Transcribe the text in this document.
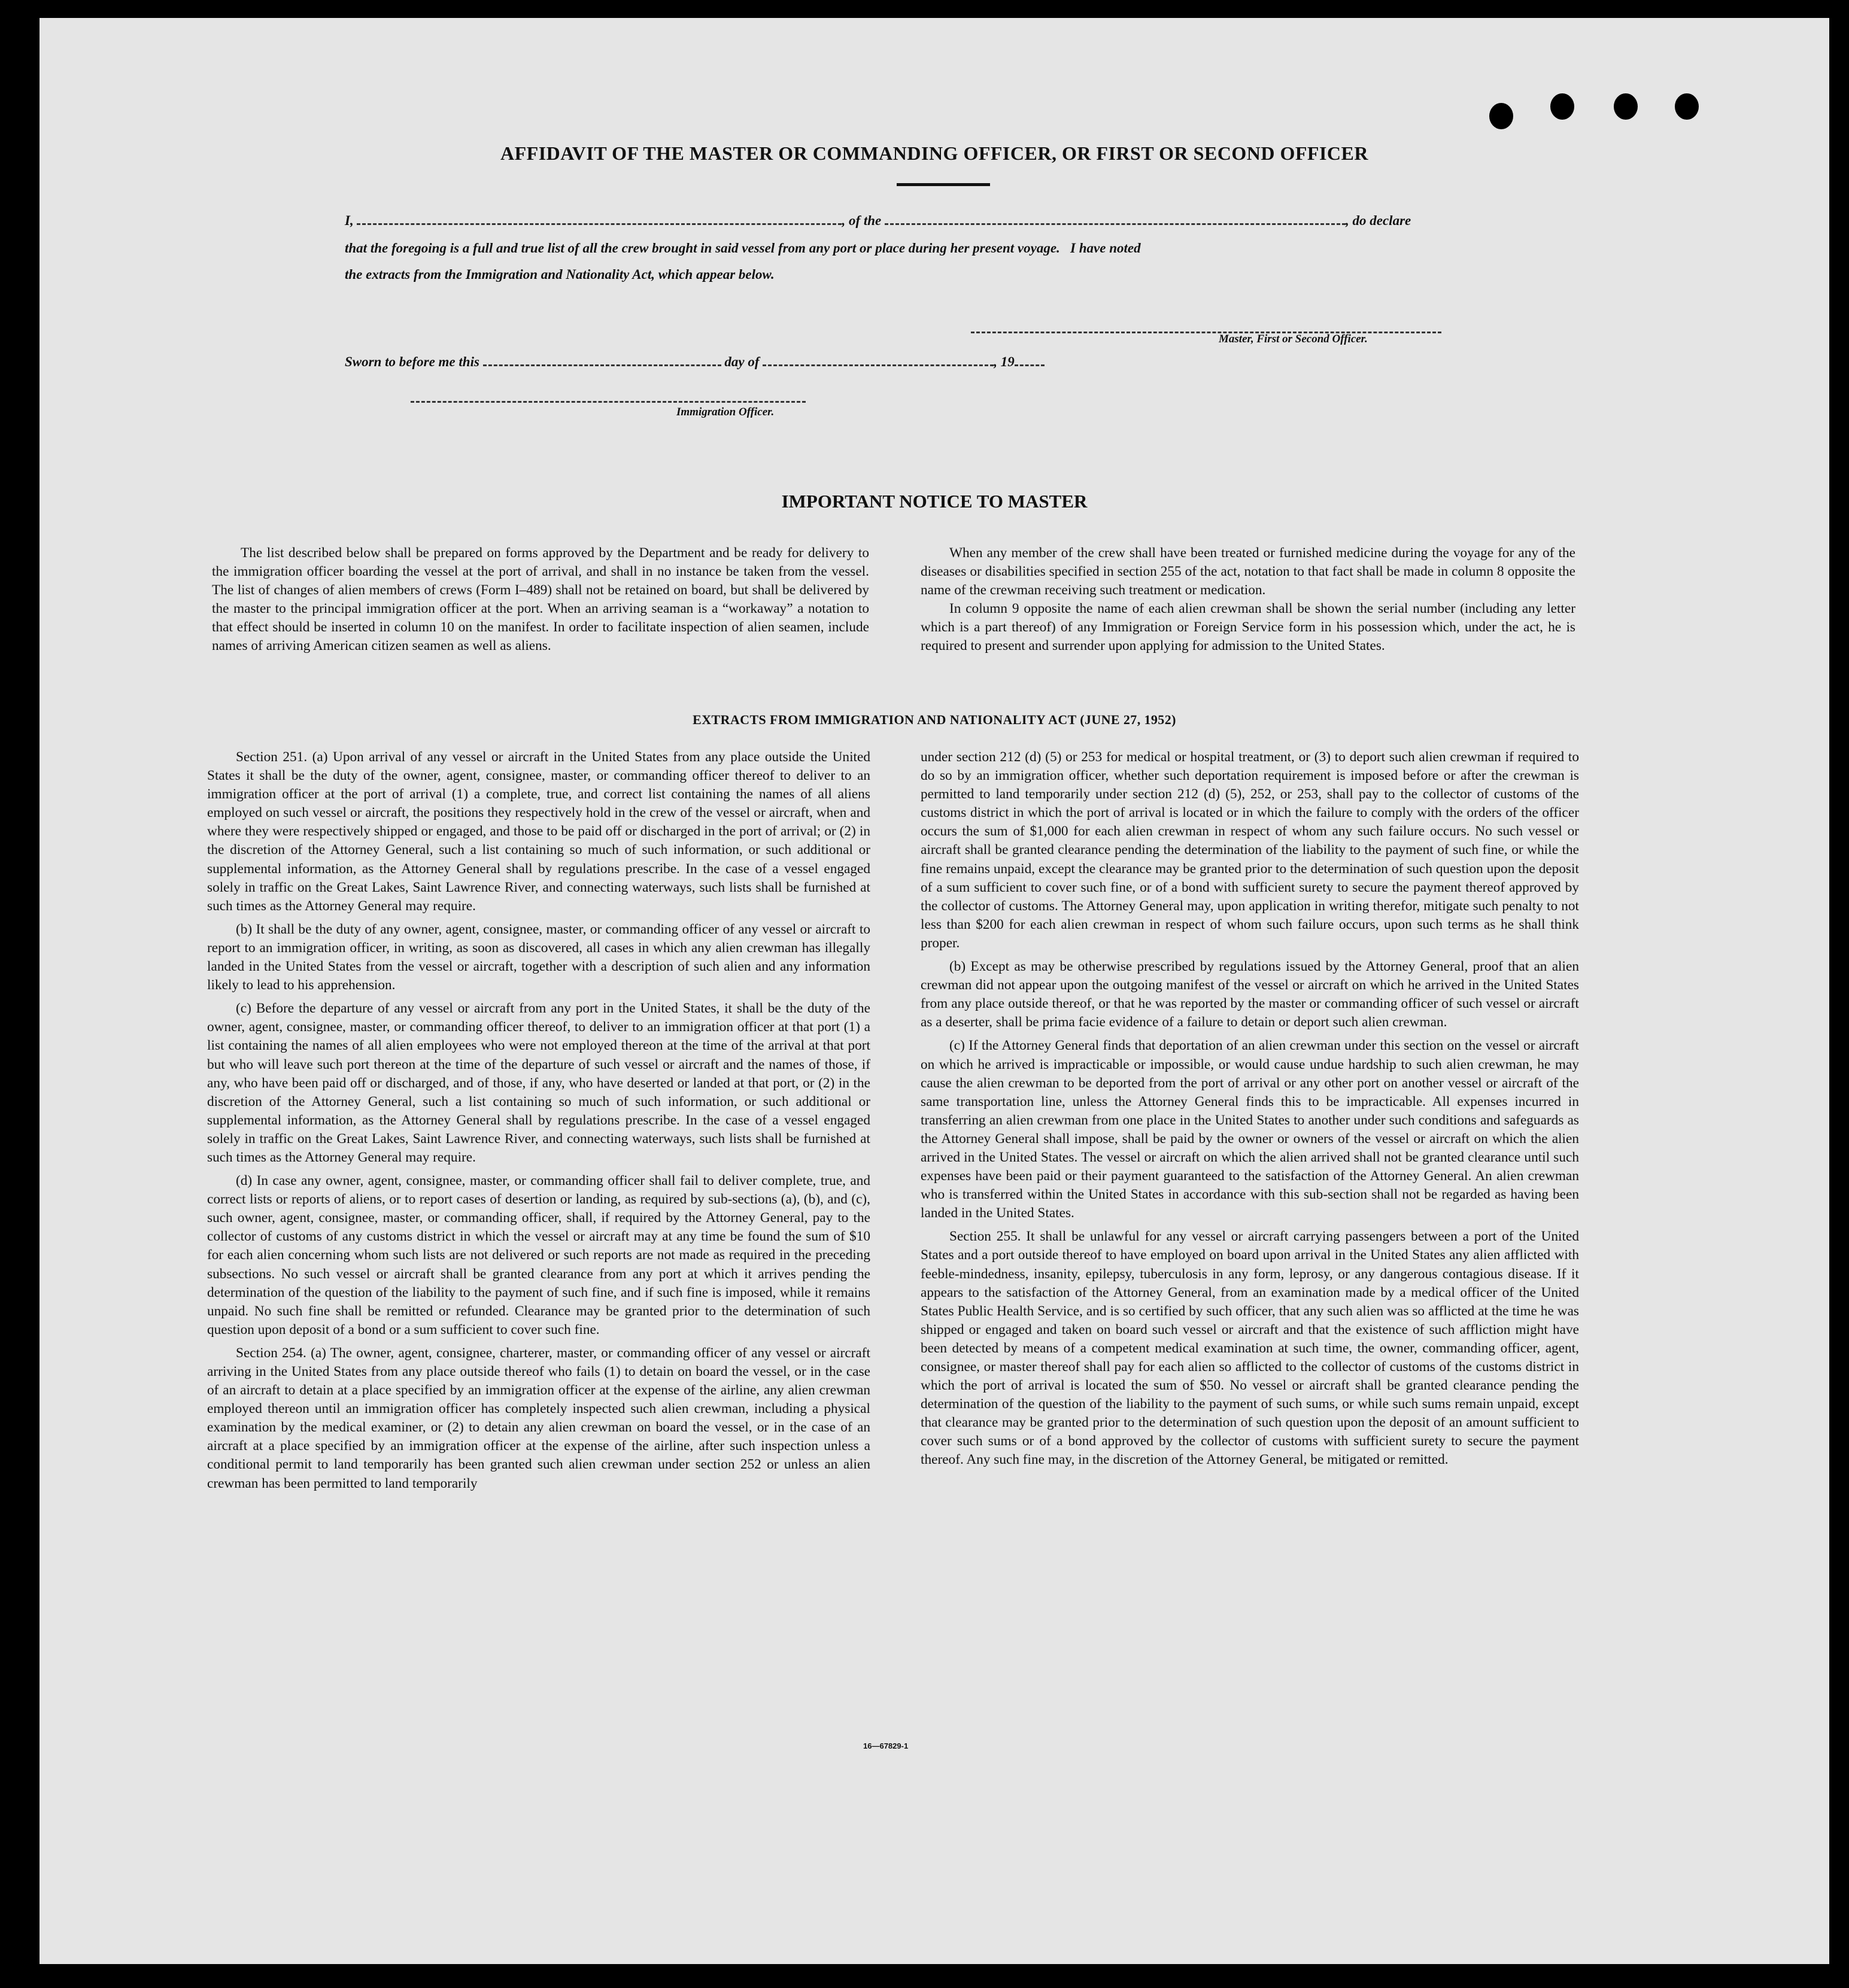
AFFIDAVIT OF THE MASTER OR COMMANDING OFFICER, OR FIRST OR SECOND OFFICER
I,	, of the	, do declare
that the foregoing is a full and true list of all the crew brought in said vessel from any port or place during her present voyage.   I have noted
the extracts from the Immigration and Nationality Act, which appear below.
Master, First or Second Officer.
Sworn to before me this	day of	, 19
Immigration Officer.
IMPORTANT NOTICE TO MASTER

The list described below shall be prepared on forms approved by the Department and be ready for delivery to the immigration officer boarding the vessel at the port of arrival, and shall in no instance be taken from the vessel. The list of changes of alien members of crews (Form I–489) shall not be retained on board, but shall be delivered by the master to the principal immigration officer at the port. When an arriving seaman is a “workaway” a notation to that effect should be inserted in column 10 on the manifest. In order to facilitate inspection of alien seamen, include names of arriving American citizen seamen as well as aliens.

When any member of the crew shall have been treated or furnished medicine during the voyage for any of the diseases or disabilities specified in section 255 of the act, notation to that fact shall be made in column 8 opposite the name of the crewman receiving such treatment or medication.

In column 9 opposite the name of each alien crewman shall be shown the serial number (including any letter which is a part thereof) of any Immigration or Foreign Service form in his possession which, under the act, he is required to present and surrender upon applying for admission to the United States.

EXTRACTS FROM IMMIGRATION AND NATIONALITY ACT (JUNE 27, 1952)

Section 251. (a) Upon arrival of any vessel or aircraft in the United States from any place outside the United States it shall be the duty of the owner, agent, consignee, master, or commanding officer thereof to deliver to an immigration officer at the port of arrival (1) a complete, true, and correct list containing the names of all aliens employed on such vessel or aircraft, the positions they respectively hold in the crew of the vessel or aircraft, when and where they were respectively shipped or engaged, and those to be paid off or discharged in the port of arrival; or (2) in the discretion of the Attorney General, such a list containing so much of such information, or such additional or supplemental information, as the Attorney General shall by regulations prescribe. In the case of a vessel engaged solely in traffic on the Great Lakes, Saint Lawrence River, and connecting waterways, such lists shall be furnished at such times as the Attorney General may require.

(b) It shall be the duty of any owner, agent, consignee, master, or commanding officer of any vessel or aircraft to report to an immigration officer, in writing, as soon as discovered, all cases in which any alien crewman has illegally landed in the United States from the vessel or aircraft, together with a description of such alien and any information likely to lead to his apprehension.

(c) Before the departure of any vessel or aircraft from any port in the United States, it shall be the duty of the owner, agent, consignee, master, or commanding officer thereof, to deliver to an immigration officer at that port (1) a list containing the names of all alien employees who were not employed thereon at the time of the arrival at that port but who will leave such port thereon at the time of the departure of such vessel or aircraft and the names of those, if any, who have been paid off or discharged, and of those, if any, who have deserted or landed at that port, or (2) in the discretion of the Attorney General, such a list containing so much of such information, or such additional or supplemental information, as the Attorney General shall by regulations prescribe. In the case of a vessel engaged solely in traffic on the Great Lakes, Saint Lawrence River, and connecting waterways, such lists shall be furnished at such times as the Attorney General may require.

(d) In case any owner, agent, consignee, master, or commanding officer shall fail to deliver complete, true, and correct lists or reports of aliens, or to report cases of desertion or landing, as required by sub-sections (a), (b), and (c), such owner, agent, consignee, master, or commanding officer, shall, if required by the Attorney General, pay to the collector of customs of any customs district in which the vessel or aircraft may at any time be found the sum of $10 for each alien concerning whom such lists are not delivered or such reports are not made as required in the preceding subsections. No such vessel or aircraft shall be granted clearance from any port at which it arrives pending the determination of the question of the liability to the payment of such fine, and if such fine is imposed, while it remains unpaid. No such fine shall be remitted or refunded. Clearance may be granted prior to the determination of such question upon deposit of a bond or a sum sufficient to cover such fine.

Section 254. (a) The owner, agent, consignee, charterer, master, or commanding officer of any vessel or aircraft arriving in the United States from any place outside thereof who fails (1) to detain on board the vessel, or in the case of an aircraft to detain at a place specified by an immigration officer at the expense of the airline, any alien crewman employed thereon until an immigration officer has completely inspected such alien crewman, including a physical examination by the medical examiner, or (2) to detain any alien crewman on board the vessel, or in the case of an aircraft at a place specified by an immigration officer at the expense of the airline, after such inspection unless a conditional permit to land temporarily has been granted such alien crewman under section 252 or unless an alien crewman has been permitted to land temporarily

under section 212 (d) (5) or 253 for medical or hospital treatment, or (3) to deport such alien crewman if required to do so by an immigration officer, whether such deportation requirement is imposed before or after the crewman is permitted to land temporarily under section 212 (d) (5), 252, or 253, shall pay to the collector of customs of the customs district in which the port of arrival is located or in which the failure to comply with the orders of the officer occurs the sum of $1,000 for each alien crewman in respect of whom any such failure occurs. No such vessel or aircraft shall be granted clearance pending the determination of the liability to the payment of such fine, or while the fine remains unpaid, except the clearance may be granted prior to the determination of such question upon the deposit of a sum sufficient to cover such fine, or of a bond with sufficient surety to secure the payment thereof approved by the collector of customs. The Attorney General may, upon application in writing therefor, mitigate such penalty to not less than $200 for each alien crewman in respect of whom such failure occurs, upon such terms as he shall think proper.

(b) Except as may be otherwise prescribed by regulations issued by the Attorney General, proof that an alien crewman did not appear upon the outgoing manifest of the vessel or aircraft on which he arrived in the United States from any place outside thereof, or that he was reported by the master or commanding officer of such vessel or aircraft as a deserter, shall be prima facie evidence of a failure to detain or deport such alien crewman.

(c) If the Attorney General finds that deportation of an alien crewman under this section on the vessel or aircraft on which he arrived is impracticable or impossible, or would cause undue hardship to such alien crewman, he may cause the alien crewman to be deported from the port of arrival or any other port on another vessel or aircraft of the same transportation line, unless the Attorney General finds this to be impracticable. All expenses incurred in transferring an alien crewman from one place in the United States to another under such conditions and safeguards as the Attorney General shall impose, shall be paid by the owner or owners of the vessel or aircraft on which the alien arrived in the United States. The vessel or aircraft on which the alien arrived shall not be granted clearance until such expenses have been paid or their payment guaranteed to the satisfaction of the Attorney General. An alien crewman who is transferred within the United States in accordance with this sub-section shall not be regarded as having been landed in the United States.

Section 255. It shall be unlawful for any vessel or aircraft carrying passengers between a port of the United States and a port outside thereof to have employed on board upon arrival in the United States any alien afflicted with feeble-mindedness, insanity, epilepsy, tuberculosis in any form, leprosy, or any dangerous contagious disease. If it appears to the satisfaction of the Attorney General, from an examination made by a medical officer of the United States Public Health Service, and is so certified by such officer, that any such alien was so afflicted at the time he was shipped or engaged and taken on board such vessel or aircraft and that the existence of such affliction might have been detected by means of a competent medical examination at such time, the owner, commanding officer, agent, consignee, or master thereof shall pay for each alien so afflicted to the collector of customs of the customs district in which the port of arrival is located the sum of $50. No vessel or aircraft shall be granted clearance pending the determination of the question of the liability to the payment of such sums, or while such sums remain unpaid, except that clearance may be granted prior to the determination of such question upon the deposit of an amount sufficient to cover such sums or of a bond approved by the collector of customs with sufficient surety to secure the payment thereof. Any such fine may, in the discretion of the Attorney General, be mitigated or remitted.

16—67829-1
